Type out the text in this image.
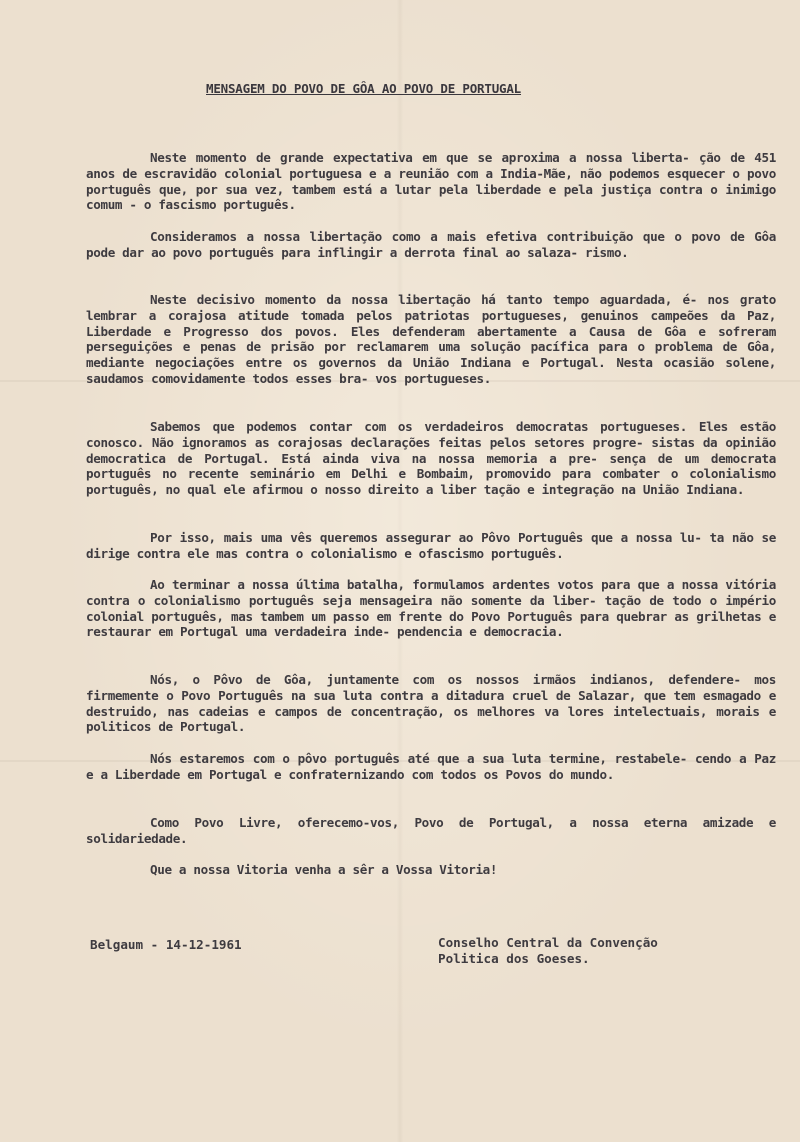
MENSAGEM DO POVO DE GÔA AO POVO DE PORTUGAL
Neste momento de grande expectativa em que se aproxima a nossa liberta- ção de 451 anos de escravidão colonial portuguesa e a reunião com a India-Mãe, não podemos esquecer o povo português que, por sua vez, tambem está a lutar pela liberdade e pela justiça contra o inimigo comum - o fascismo português.
Consideramos a nossa libertação como a mais efetiva contribuição que o povo de Gôa pode dar ao povo português para inflingir a derrota final ao salaza- rismo.
Neste decisivo momento da nossa libertação há tanto tempo aguardada, é- nos grato lembrar a corajosa atitude tomada pelos patriotas portugueses, genuinos campeões da Paz, Liberdade e Progresso dos povos. Eles defenderam abertamente a Causa de Gôa e sofreram perseguições e penas de prisão por reclamarem uma solução pacífica para o problema de Gôa, mediante negociações entre os governos da União Indiana e Portugal. Nesta ocasião solene, saudamos comovidamente todos esses bra- vos portugueses.
Sabemos que podemos contar com os verdadeiros democratas portugueses. Eles estão conosco. Não ignoramos as corajosas declarações feitas pelos setores progre- sistas da opinião democratica de Portugal. Está ainda viva na nossa memoria a pre- sença de um democrata português no recente seminário em Delhi e Bombaim, promovido para combater o colonialismo português, no qual ele afirmou o nosso direito a liber tação e integração na União Indiana.
Por isso, mais uma vês queremos assegurar ao Pôvo Português que a nossa lu- ta não se dirige contra ele mas contra o colonialismo e ofascismo português.
Ao terminar a nossa última batalha, formulamos ardentes votos para que a nossa vitória contra o colonialismo português seja mensageira não somente da liber- tação de todo o império colonial português, mas tambem um passo em frente do Povo Português para quebrar as grilhetas e restaurar em Portugal uma verdadeira inde- pendencia e democracia.
Nós, o Pôvo de Gôa, juntamente com os nossos irmãos indianos, defendere- mos firmemente o Povo Português na sua luta contra a ditadura cruel de Salazar, que tem esmagado e destruido, nas cadeias e campos de concentração, os melhores va lores intelectuais, morais e politicos de Portugal.
Nós estaremos com o pôvo português até que a sua luta termine, restabele- cendo a Paz e a Liberdade em Portugal e confraternizando com todos os Povos do mundo.
Como Povo Livre, oferecemo-vos, Povo de Portugal, a nossa eterna amizade e solidariedade.
Que a nossa Vitoria venha a sêr a Vossa Vitoria!
Belgaum - 14-12-1961	Conselho Central da Convenção
Politica dos Goeses.
